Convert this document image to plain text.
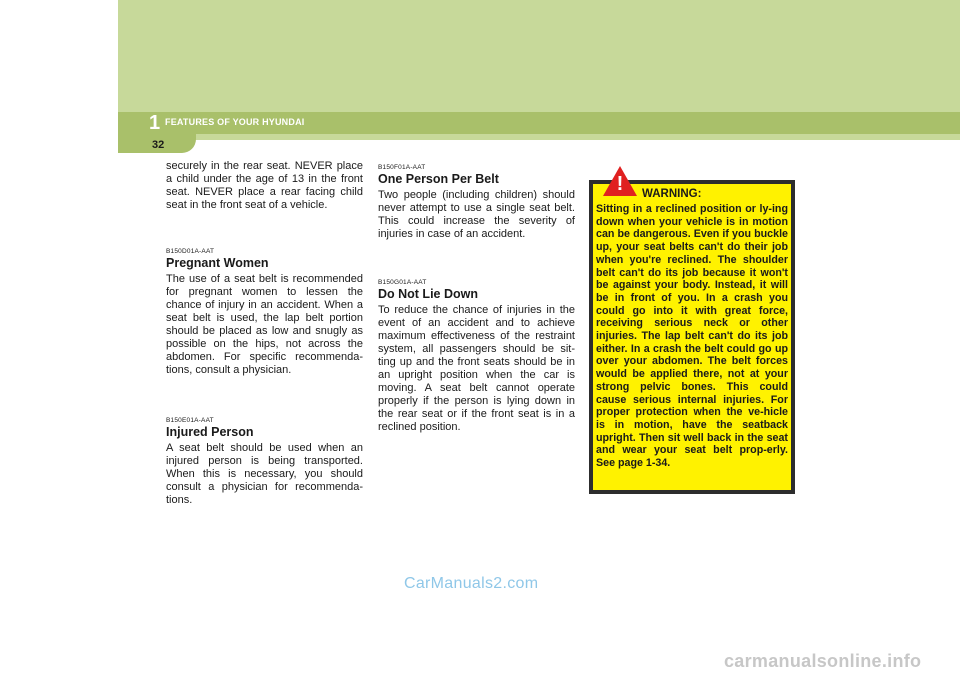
1 FEATURES OF YOUR HYUNDAI
32

securely in the rear seat. NEVER place a child under the age of 13 in the front seat. NEVER place a rear facing child seat in the front seat of a vehicle.

B150D01A-AAT

Pregnant Women

The use of a seat belt is recommended for pregnant women to lessen the chance of injury in an accident. When a seat belt is used, the lap belt portion should be placed as low and snugly as possible on the hips, not across the abdomen. For specific recommenda-tions, consult a physician.

B150E01A-AAT

Injured Person

A seat belt should be used when an injured person is being transported. When this is necessary, you should consult a physician for recommenda-tions.

B150F01A-AAT

One Person Per Belt

Two people (including children) should never attempt to use a single seat belt. This could increase the severity of injuries in case of an accident.

B150G01A-AAT

Do Not Lie Down

To reduce the chance of injuries in the event of an accident and to achieve maximum effectiveness of the restraint system, all passengers should be sit-ting up and the front seats should be in an upright position when the car is moving. A seat belt cannot operate properly if the person is lying down in the rear seat or if the front seat is in a reclined position.

WARNING:

Sitting in a reclined position or ly-ing down when your vehicle is in motion can be dangerous. Even if you buckle up, your seat belts can't do their job when you're reclined. The shoulder belt can't do its job because it won't be against your body. Instead, it will be in front of you. In a crash you could go into it with great force, receiving serious neck or other injuries. The lap belt can't do its job either. In a crash the belt could go up over your abdomen. The belt forces would be applied there, not at your strong pelvic bones. This could cause serious internal injuries. For proper protection when the ve-hicle is in motion, have the seatback upright. Then sit well back in the seat and wear your seat belt prop-erly. See page 1-34.

!
CarManuals2.com
carmanualsonline.info
